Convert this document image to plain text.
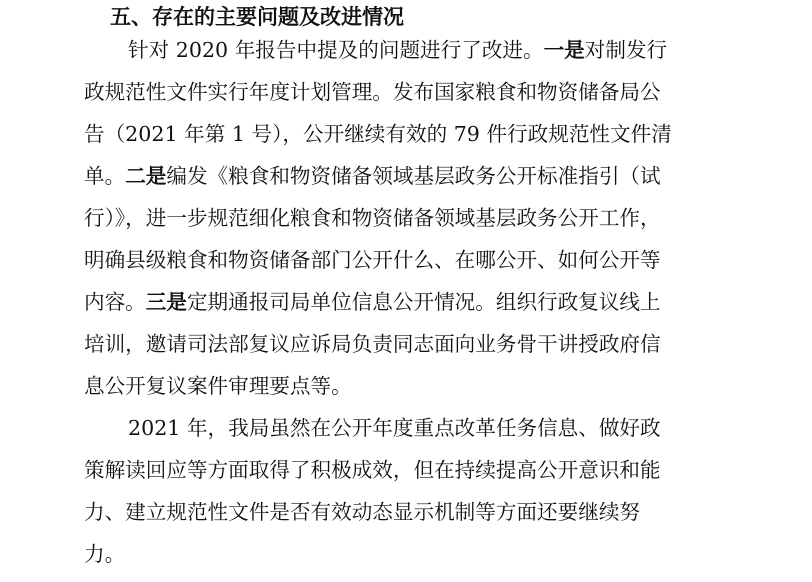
五、存在的主要问题及改进情况
针对 2020 年报告中提及的问题进行了改进。一是对制发行
政规范性文件实行年度计划管理。发布国家粮食和物资储备局公
告（2021 年第 1 号），公开继续有效的 79 件行政规范性文件清
单。二是编发《粮食和物资储备领域基层政务公开标准指引（试
行）》，进一步规范细化粮食和物资储备领域基层政务公开工作，
明确县级粮食和物资储备部门公开什么、在哪公开、如何公开等
内容。三是定期通报司局单位信息公开情况。组织行政复议线上
培训，邀请司法部复议应诉局负责同志面向业务骨干讲授政府信
息公开复议案件审理要点等。
2021 年，我局虽然在公开年度重点改革任务信息、做好政
策解读回应等方面取得了积极成效，但在持续提高公开意识和能
力、建立规范性文件是否有效动态显示机制等方面还要继续努
力。
